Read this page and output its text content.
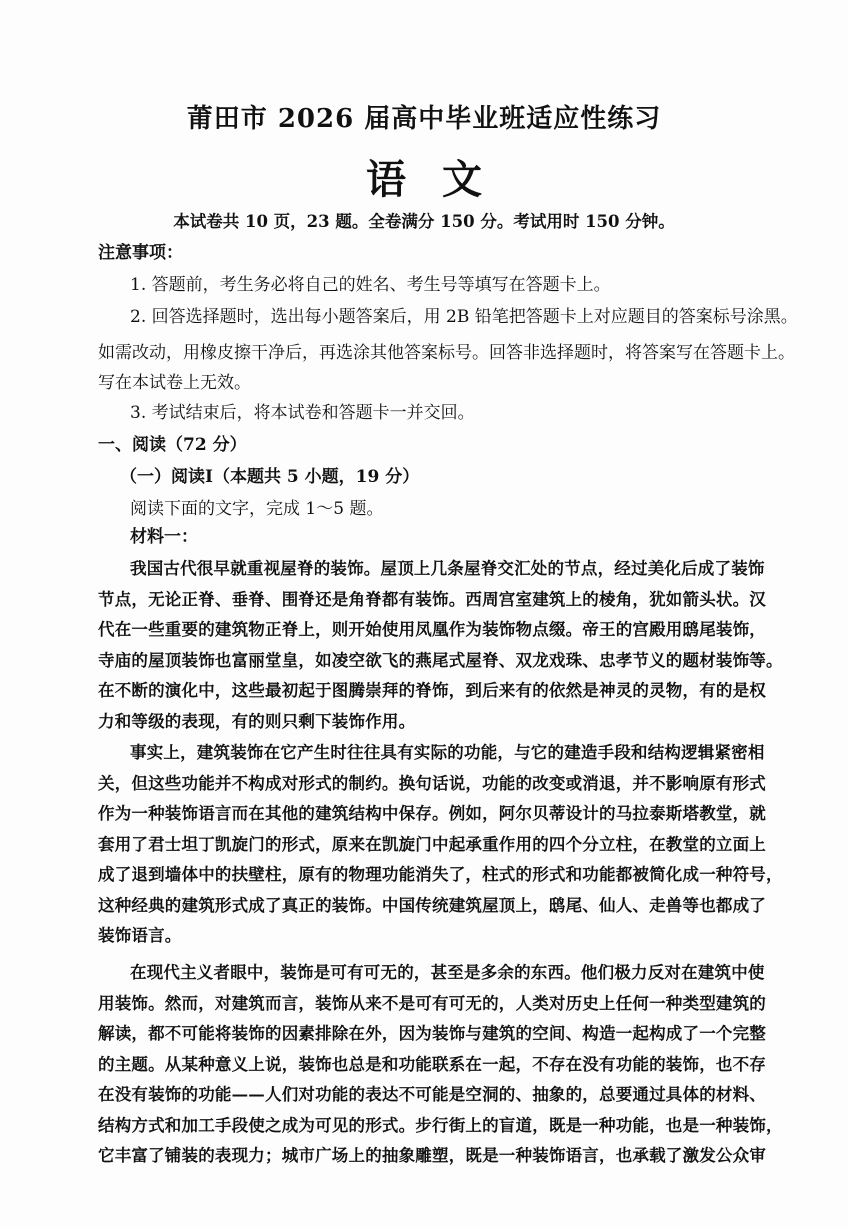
莆田市 2026 届高中毕业班适应性练习
语文
本试卷共 10 页，23 题。全卷满分 150 分。考试用时 150 分钟。
注意事项：
1. 答题前，考生务必将自己的姓名、考生号等填写在答题卡上。
2. 回答选择题时，选出每小题答案后，用 2B 铅笔把答题卡上对应题目的答案标号涂黑。
如需改动，用橡皮擦干净后，再选涂其他答案标号。回答非选择题时，将答案写在答题卡上。
写在本试卷上无效。
3. 考试结束后，将本试卷和答题卡一并交回。
一、阅读（72 分）
（一）阅读Ⅰ（本题共 5 小题，19 分）
阅读下面的文字，完成 1～5 题。
材料一：
我国古代很早就重视屋脊的装饰。屋顶上几条屋脊交汇处的节点，经过美化后成了装饰
节点，无论正脊、垂脊、围脊还是角脊都有装饰。西周宫室建筑上的棱角，犹如箭头状。汉
代在一些重要的建筑物正脊上，则开始使用凤凰作为装饰物点缀。帝王的宫殿用鸱尾装饰，
寺庙的屋顶装饰也富丽堂皇，如凌空欲飞的燕尾式屋脊、双龙戏珠、忠孝节义的题材装饰等。
在不断的演化中，这些最初起于图腾崇拜的脊饰，到后来有的依然是神灵的灵物，有的是权
力和等级的表现，有的则只剩下装饰作用。
事实上，建筑装饰在它产生时往往具有实际的功能，与它的建造手段和结构逻辑紧密相
关，但这些功能并不构成对形式的制约。换句话说，功能的改变或消退，并不影响原有形式
作为一种装饰语言而在其他的建筑结构中保存。例如，阿尔贝蒂设计的马拉泰斯塔教堂，就
套用了君士坦丁凯旋门的形式，原来在凯旋门中起承重作用的四个分立柱，在教堂的立面上
成了退到墙体中的扶壁柱，原有的物理功能消失了，柱式的形式和功能都被简化成一种符号，
这种经典的建筑形式成了真正的装饰。中国传统建筑屋顶上，鸱尾、仙人、走兽等也都成了
装饰语言。
在现代主义者眼中，装饰是可有可无的，甚至是多余的东西。他们极力反对在建筑中使
用装饰。然而，对建筑而言，装饰从来不是可有可无的，人类对历史上任何一种类型建筑的
解读，都不可能将装饰的因素排除在外，因为装饰与建筑的空间、构造一起构成了一个完整
的主题。从某种意义上说，装饰也总是和功能联系在一起，不存在没有功能的装饰，也不存
在没有装饰的功能——人们对功能的表达不可能是空洞的、抽象的，总要通过具体的材料、
结构方式和加工手段使之成为可见的形式。步行街上的盲道，既是一种功能，也是一种装饰，
它丰富了铺装的表现力；城市广场上的抽象雕塑，既是一种装饰语言，也承载了激发公众审
